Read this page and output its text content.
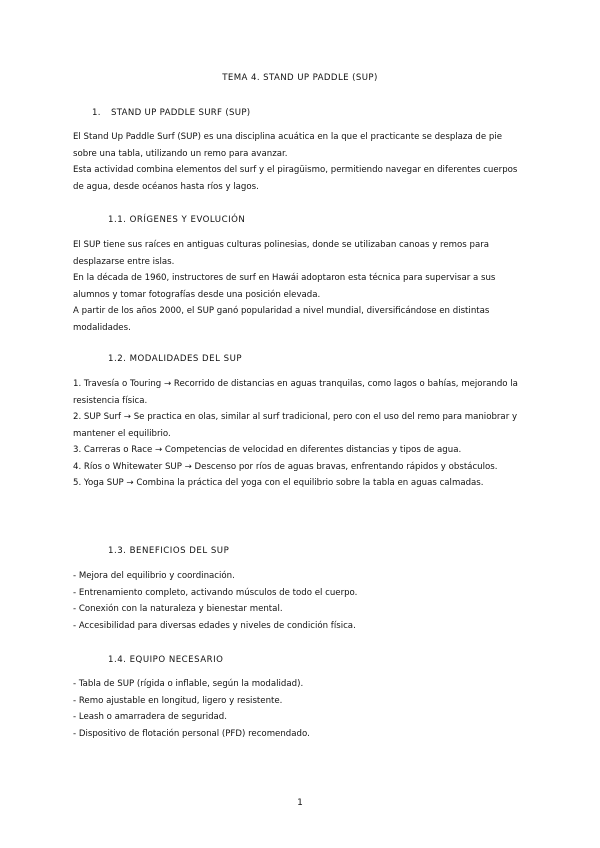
TEMA 4. STAND UP PADDLE (SUP)
1. STAND UP PADDLE SURF (SUP)

El Stand Up Paddle Surf (SUP) es una disciplina acuática en la que el practicante se desplaza de pie sobre una tabla, utilizando un remo para avanzar.

Esta actividad combina elementos del surf y el piragüismo, permitiendo navegar en diferentes cuerpos de agua, desde océanos hasta ríos y lagos.

1.1. ORÍGENES Y EVOLUCIÓN

El SUP tiene sus raíces en antiguas culturas polinesias, donde se utilizaban canoas y remos para desplazarse entre islas.

En la década de 1960, instructores de surf en Hawái adoptaron esta técnica para supervisar a sus alumnos y tomar fotografías desde una posición elevada.

A partir de los años 2000, el SUP ganó popularidad a nivel mundial, diversificándose en distintas modalidades.

1.2. MODALIDADES DEL SUP

1. Travesía o Touring → Recorrido de distancias en aguas tranquilas, como lagos o bahías, mejorando la resistencia física.

2. SUP Surf → Se practica en olas, similar al surf tradicional, pero con el uso del remo para maniobrar y mantener el equilibrio.

3. Carreras o Race → Competencias de velocidad en diferentes distancias y tipos de agua.

4. Ríos o Whitewater SUP → Descenso por ríos de aguas bravas, enfrentando rápidos y obstáculos.

5. Yoga SUP → Combina la práctica del yoga con el equilibrio sobre la tabla en aguas calmadas.

1.3. BENEFICIOS DEL SUP

- Mejora del equilibrio y coordinación.

- Entrenamiento completo, activando músculos de todo el cuerpo.

- Conexión con la naturaleza y bienestar mental.

- Accesibilidad para diversas edades y niveles de condición física.

1.4. EQUIPO NECESARIO

- Tabla de SUP (rígida o inflable, según la modalidad).

- Remo ajustable en longitud, ligero y resistente.

- Leash o amarradera de seguridad.

- Dispositivo de flotación personal (PFD) recomendado.

1
